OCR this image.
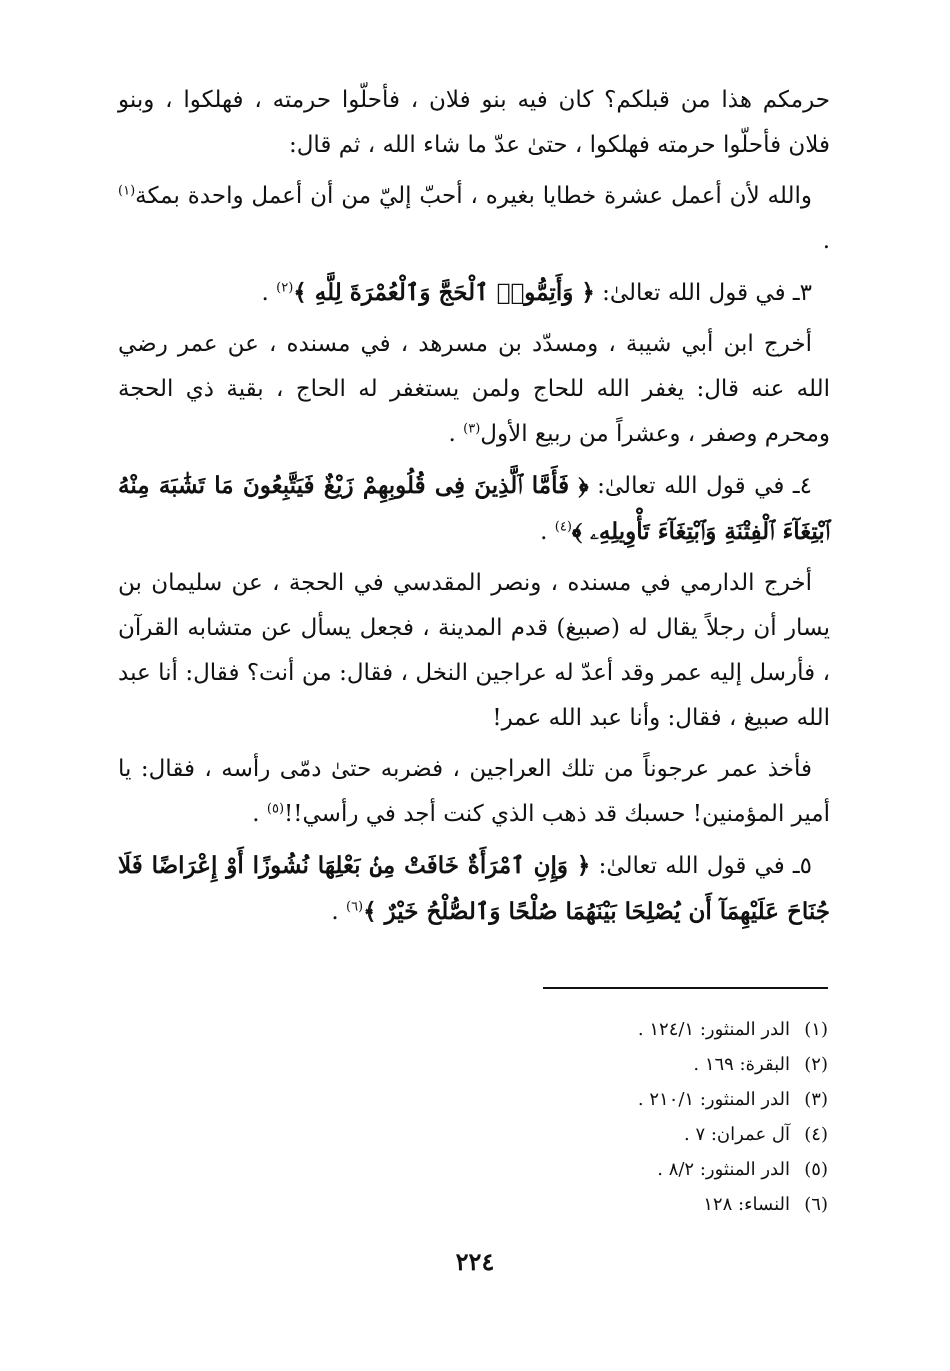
حرمكم هذا من قبلكم؟ كان فيه بنو فلان ، فأحلّوا حرمته ، فهلكوا ، وبنو فلان فأحلّوا حرمته فهلكوا ، حتىٰ عدّ ما شاء الله ، ثم قال:

والله لأن أعمل عشرة خطايا بغيره ، أحبّ إليّ من أن أعمل واحدة بمكة$^{(١)}$ .

٣ـ في قول الله تعالىٰ: ﴿ وَأَتِمُّوا۟ ٱلْحَجَّ وَٱلْعُمْرَةَ لِلَّهِ ﴾$^{(٢)}$ .

أخرج ابن أبي شيبة ، ومسدّد بن مسرهد ، في مسنده ، عن عمر رضي الله عنه قال: يغفر الله للحاج ولمن يستغفر له الحاج ، بقية ذي الحجة ومحرم وصفر ، وعشراً من ربيع الأول$^{(٣)}$ .

٤ـ في قول الله تعالىٰ: ﴿ فَأَمَّا ٱلَّذِينَ فِى قُلُوبِهِمْ زَيْغٌ فَيَتَّبِعُونَ مَا تَشَٰبَهَ مِنْهُ ٱبْتِغَآءَ ٱلْفِتْنَةِ وَٱبْتِغَآءَ تَأْوِيلِهِۦ ﴾$^{(٤)}$ .

أخرج الدارمي في مسنده ، ونصر المقدسي في الحجة ، عن سليمان بن يسار أن رجلاً يقال له (صبيغ) قدم المدينة ، فجعل يسأل عن متشابه القرآن ، فأرسل إليه عمر وقد أعدّ له عراجين النخل ، فقال: من أنت؟ فقال: أنا عبد الله صبيغ ، فقال: وأنا عبد الله عمر!

فأخذ عمر عرجوناً من تلك العراجين ، فضربه حتىٰ دمّى رأسه ، فقال: يا أمير المؤمنين! حسبك قد ذهب الذي كنت أجد في رأسي!!$^{(٥)}$ .

٥ـ في قول الله تعالىٰ: ﴿ وَإِنِ ٱمْرَأَةٌ خَافَتْ مِنۢ بَعْلِهَا نُشُوزًا أَوْ إِعْرَاضًا فَلَا جُنَاحَ عَلَيْهِمَآ أَن يُصْلِحَا بَيْنَهُمَا صُلْحًا وَٱلصُّلْحُ خَيْرٌ ﴾$^{(٦)}$ .

(١)الدر المنثور: ١٢٤/١ .
(٢)البقرة: ١٦٩ .
(٣)الدر المنثور: ٢١٠/١ .
(٤)آل عمران: ٧ .
(٥)الدر المنثور: ٨/٢ .
(٦)النساء: ١٢٨
٢٢٤
